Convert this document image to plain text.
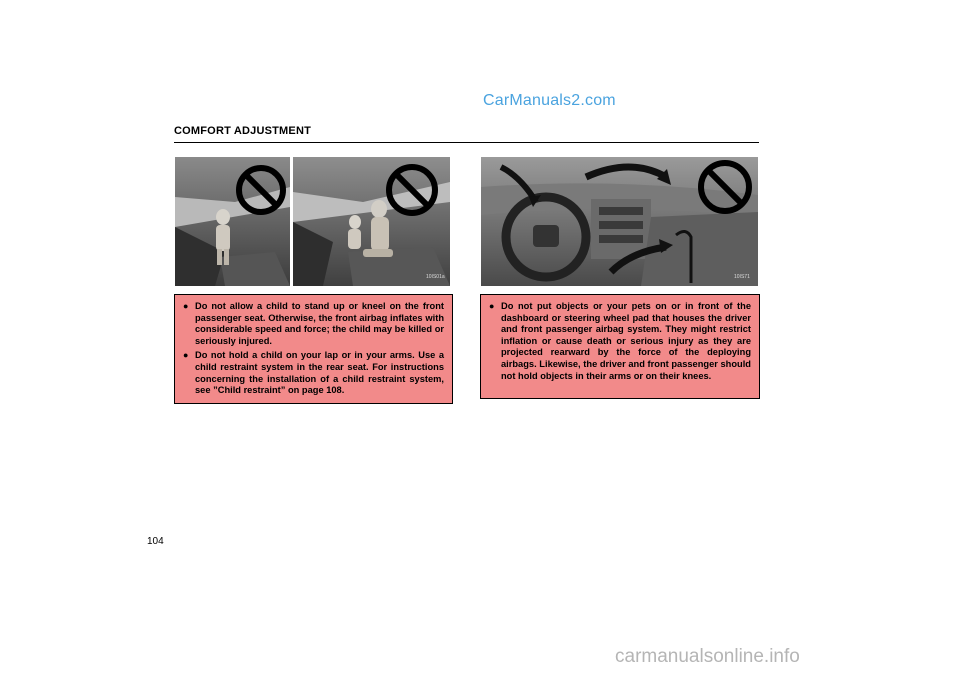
CarManuals2.com
COMFORT ADJUSTMENT
10IS01a	10IS71
● Do not allow a child to stand up or kneel on the front passenger seat. Otherwise, the front airbag inflates with considerable speed and force; the child may be killed or seriously injured.
● Do not hold a child on your lap or in your arms. Use a child restraint system in the rear seat. For instructions concerning the installation of a child restraint system, see ”Child restraint” on page 108.
● Do not put objects or your pets on or in front of the dashboard or steering wheel pad that houses the driver and front passenger airbag system. They might restrict inflation or cause death or serious injury as they are projected rearward by the force of the deploying airbags. Likewise, the driver and front passenger should not hold objects in their arms or on their knees.
104
carmanualsonline.info
